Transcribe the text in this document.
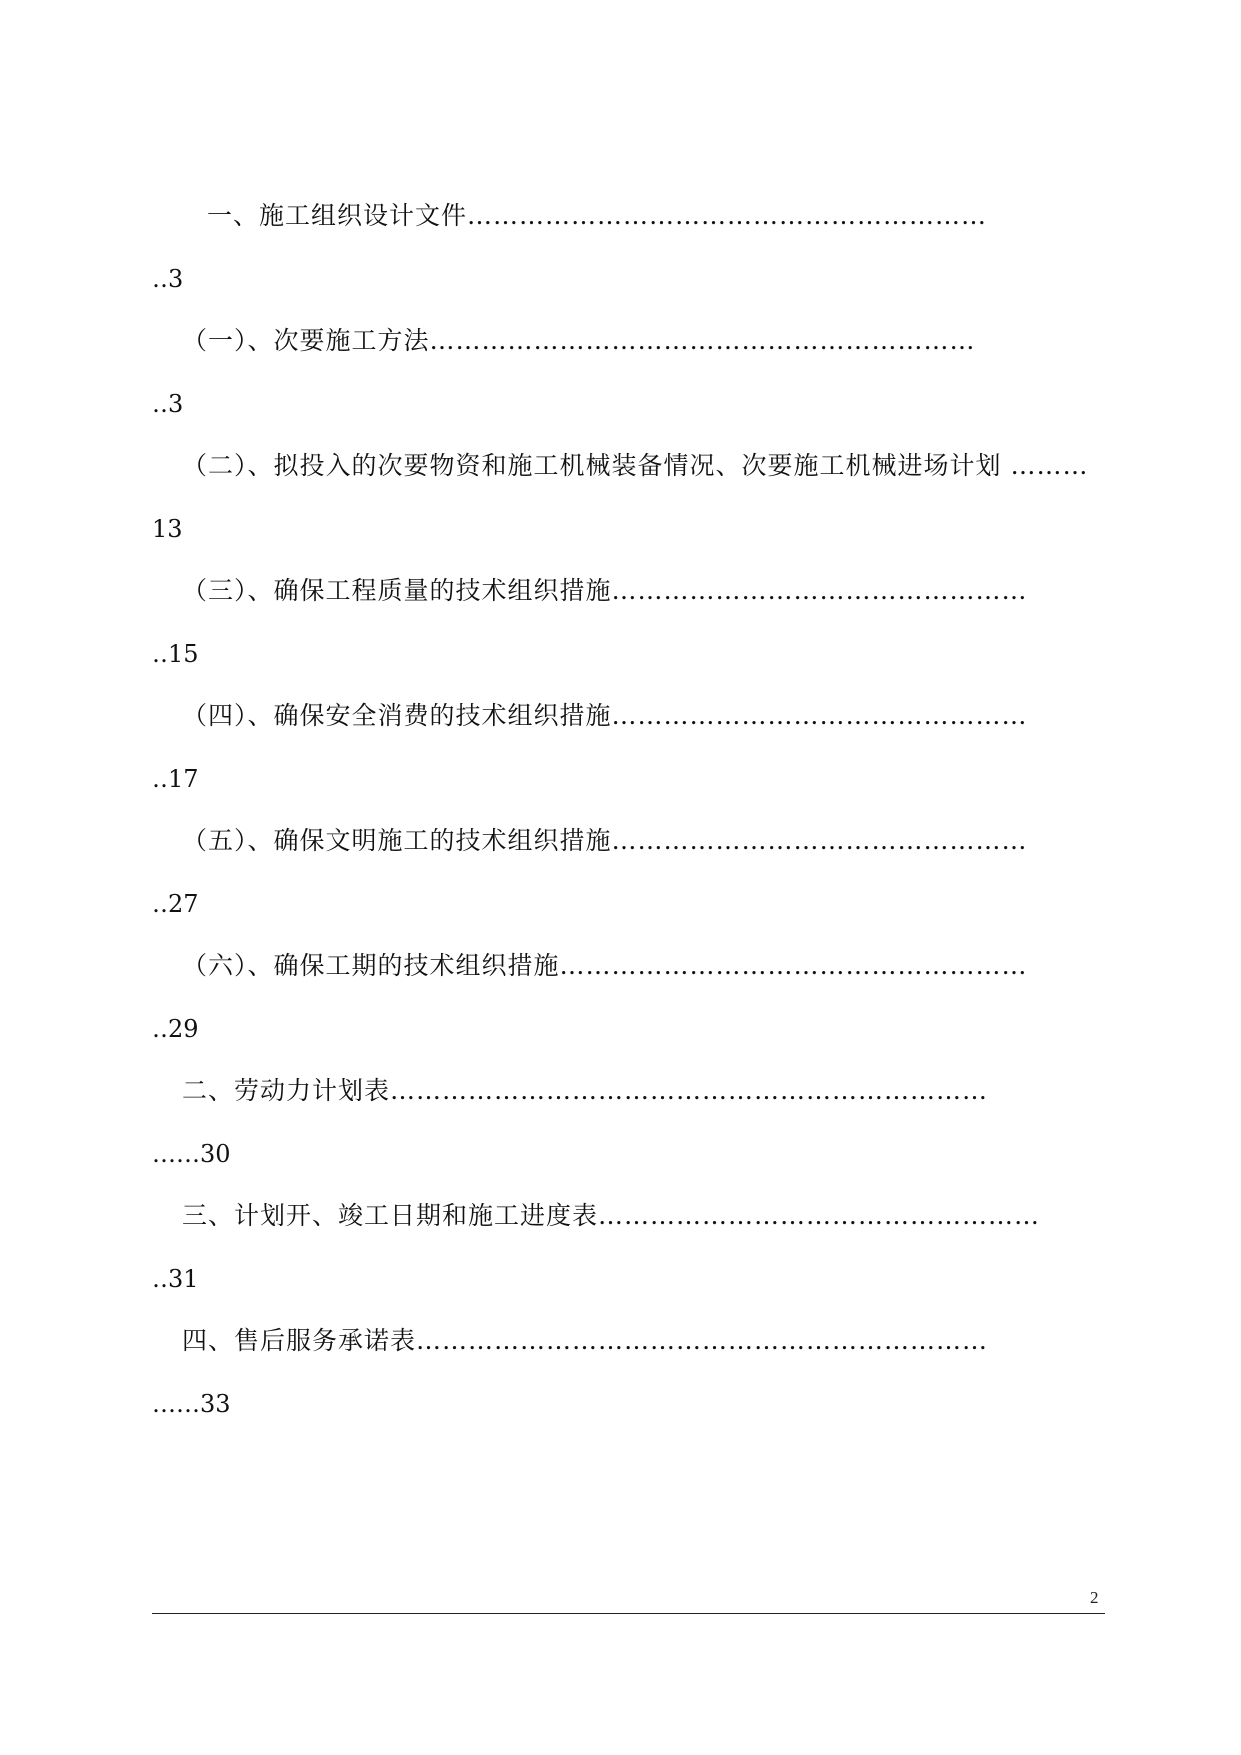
一、施工组织设计文件……………………………………………………
‥3
（一）、次要施工方法………………………………………………………
‥3
（二）、拟投入的次要物资和施工机械装备情况、次要施工机械进场计划 ………
13
（三）、确保工程质量的技术组织措施…………………………………………
‥15
（四）、确保安全消费的技术组织措施…………………………………………
‥17
（五）、确保文明施工的技术组织措施…………………………………………
‥27
（六）、确保工期的技术组织措施………………………………………………
‥29
二、劳动力计划表……………………………………………………………
……30
三、计划开、竣工日期和施工进度表……………………………………………
‥31
四、售后服务承诺表…………………………………………………………
……33
2
